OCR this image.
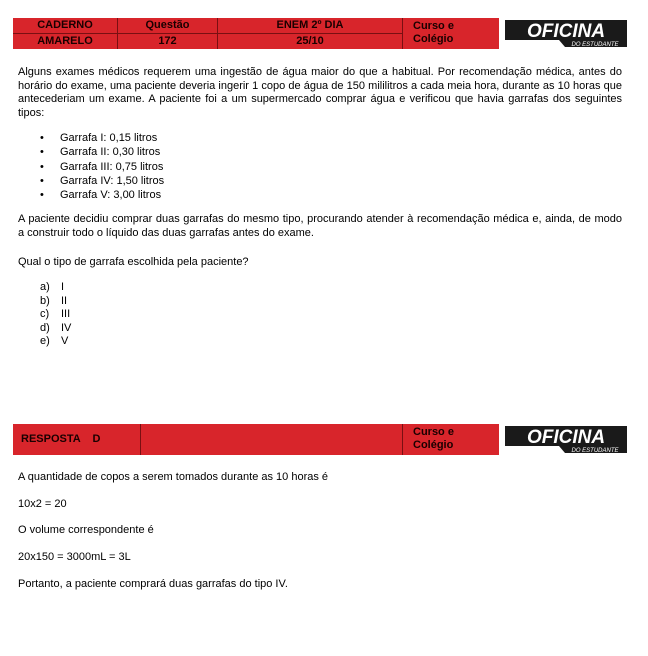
CADERNO
AMARELO
Questão
172
ENEM 2º DIA
25/10
Curso e
Colégio	OFICINA
DO ESTUDANTE
Alguns exames médicos requerem uma ingestão de água maior do que a habitual. Por recomendação médica, antes do horário do exame, uma paciente deveria ingerir 1 copo de água de 150 mililitros a cada meia hora, durante as 10 horas que antecederiam um exame. A paciente foi a um supermercado comprar água e verificou que havia garrafas dos seguintes tipos:
• Garrafa I: 0,15 litros
• Garrafa II: 0,30 litros
• Garrafa III: 0,75 litros
• Garrafa IV: 1,50 litros
• Garrafa V: 3,00 litros
A paciente decidiu comprar duas garrafas do mesmo tipo, procurando atender à recomendação médica e, ainda, de modo a construir todo o líquido das duas garrafas antes do exame.
Qual o tipo de garrafa escolhida pela paciente?
a) I
b) II
c) III
d) IV
e) V
RESPOSTA    D
Curso e
Colégio	OFICINA
DO ESTUDANTE
A quantidade de copos a serem tomados durante as 10 horas é
10x2 = 20
O volume correspondente é
20x150 = 3000mL = 3L
Portanto, a paciente comprará duas garrafas do tipo IV.
